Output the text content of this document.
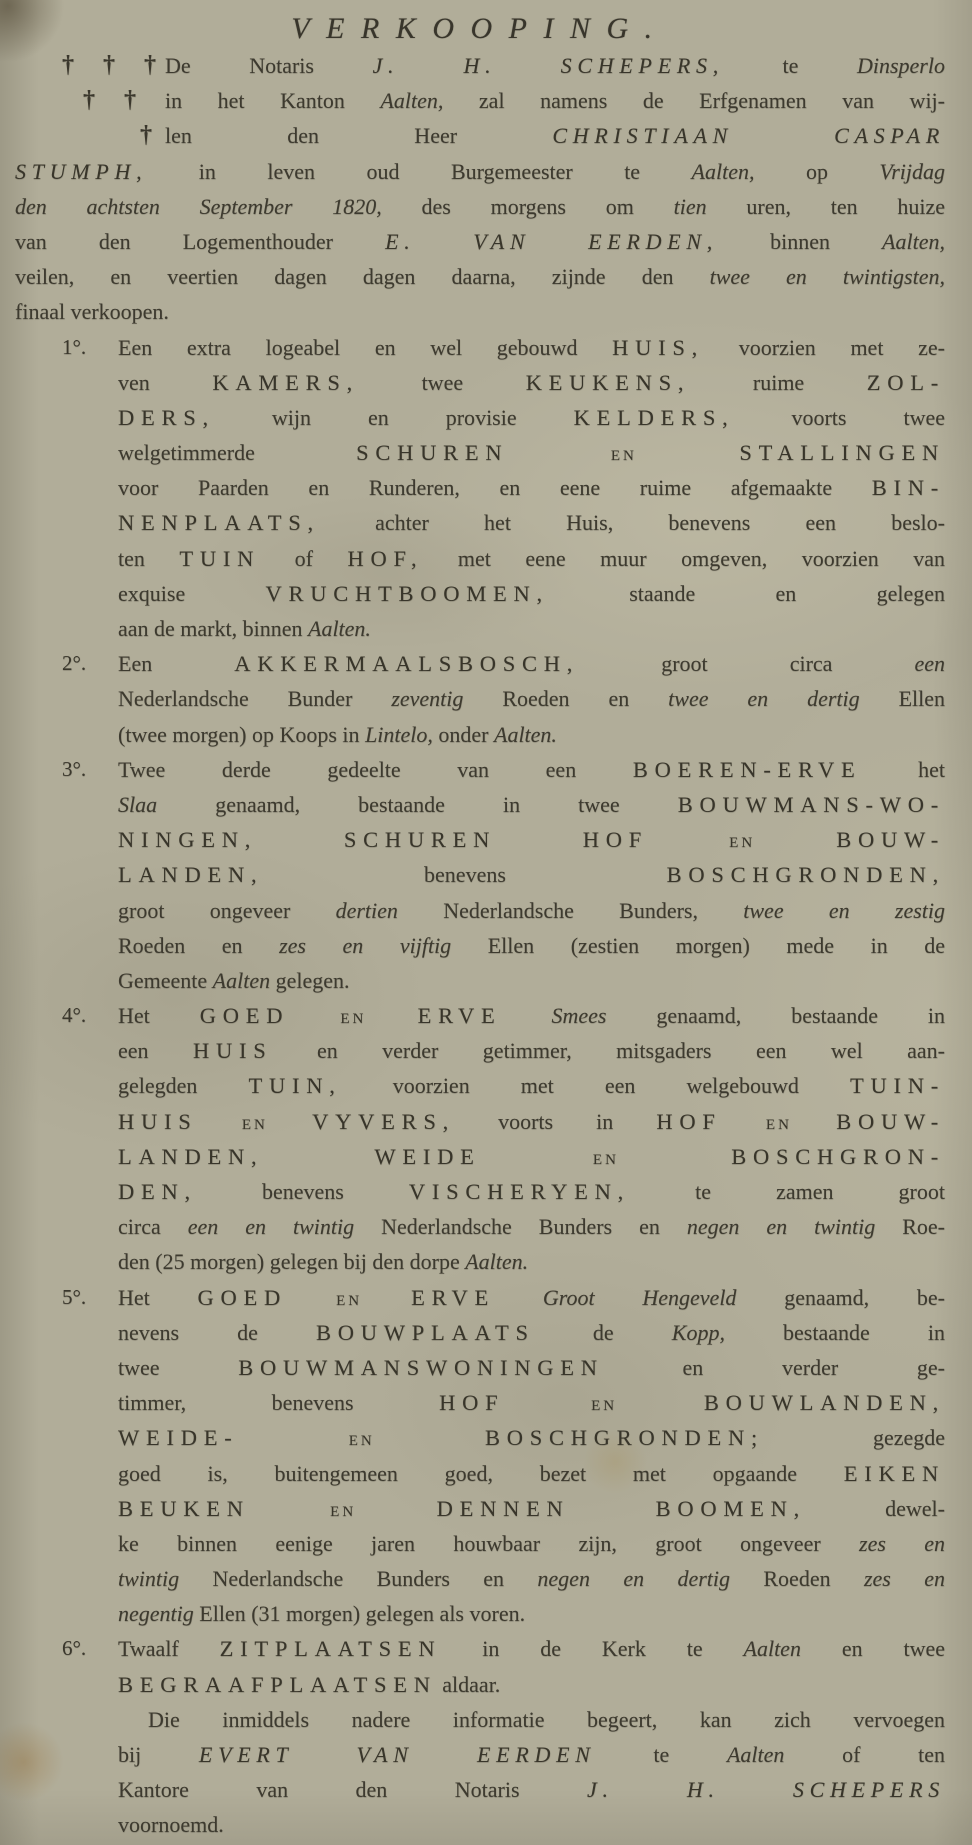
VERKOOPING.
†††
De Notaris J. H. SCHEPERS, te Dinsperlo
†† in het Kanton Aalten, zal namens de Erfgenamen van wij-
† len den Heer CHRISTIAAN CASPAR
STUMPH, in leven oud Burgemeester te Aalten, op Vrijdag
den achtsten September 1820, des morgens om tien uren, ten huize
van den Logementhouder E. VAN EERDEN, binnen Aalten,
veilen, en veertien dagen dagen daarna, zijnde den twee en twintigsten,
finaal verkoopen.
1°. Een extra logeabel en wel gebouwd HUIS, voorzien met ze-
ven KAMERS, twee KEUKENS, ruime ZOL-
DERS, wijn en provisie KELDERS, voorts twee
welgetimmerde SCHUREN EN STALLINGEN
voor Paarden en Runderen, en eene ruime afgemaakte BIN-
NENPLAATS, achter het Huis, benevens een beslo-
ten TUIN of HOF, met eene muur omgeven, voorzien van
exquise VRUCHTBOOMEN, staande en gelegen
aan de markt, binnen Aalten.
2°. Een AKKERMAALSBOSCH, groot circa een
Nederlandsche Bunder zeventig Roeden en twee en dertig Ellen
(twee morgen) op Koops in Lintelo, onder Aalten.
3°. Twee derde gedeelte van een BOEREN-ERVE het
Slaa genaamd, bestaande in twee BOUWMANS-WO-
NINGEN, SCHUREN HOF EN BOUW-
LANDEN, benevens BOSCHGRONDEN,
groot ongeveer dertien Nederlandsche Bunders, twee en zestig
Roeden en zes en vijftig Ellen (zestien morgen) mede in de
Gemeente Aalten gelegen.
4°. Het GOED EN ERVE Smees genaamd, bestaande in
een HUIS en verder getimmer, mitsgaders een wel aan-
gelegden TUIN, voorzien met een welgebouwd TUIN-
HUIS EN VYVERS, voorts in HOF EN BOUW-
LANDEN,	WEIDE EN BOSCHGRON-
DEN, benevens VISCHERYEN, te zamen groot
circa een en twintig Nederlandsche Bunders en negen en twintig Roe-
den (25 morgen) gelegen bij den dorpe Aalten.
5°. Het GOED EN ERVE Groot Hengeveld genaamd, be-
nevens de BOUWPLAATS de Kopp, bestaande in
twee BOUWMANSWONINGEN en verder ge-
timmer, benevens HOF EN BOUWLANDEN,
WEIDE- EN BOSCHGRONDEN; gezegde
goed is, buitengemeen goed, bezet met opgaande EIKEN
BEUKEN EN DENNEN BOOMEN, dewel-
ke binnen eenige jaren houwbaar zijn, groot ongeveer zes en
twintig Nederlandsche Bunders en negen en dertig Roeden zes en
negentig Ellen (31 morgen) gelegen als voren.
6°. Twaalf ZITPLAATSEN in de Kerk te Aalten en twee
BEGRAAFPLAATSEN aldaar.
Die inmiddels nadere informatie begeert, kan zich vervoegen
bij EVERT VAN EERDEN te Aalten of ten
Kantore van den Notaris J. H. SCHEPERS
voornoemd.
